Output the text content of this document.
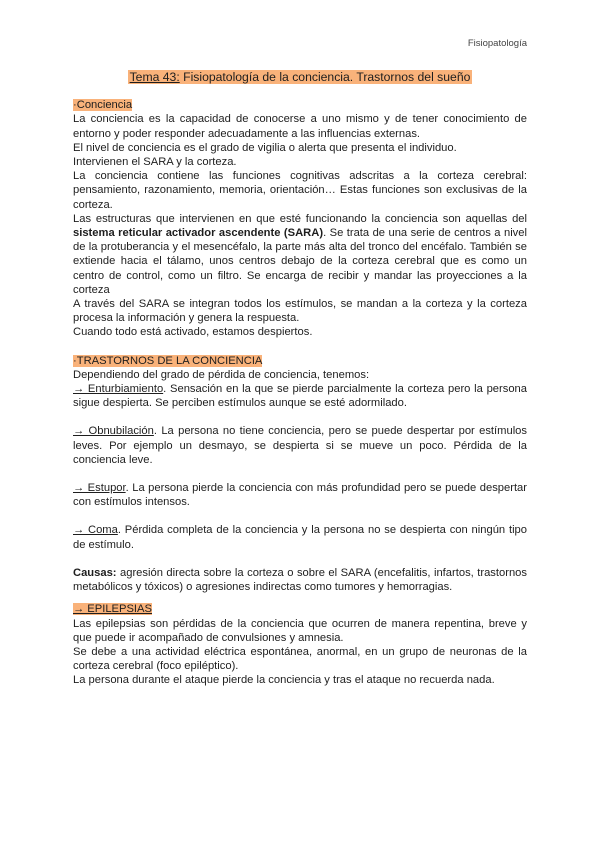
Fisiopatología
Tema 43: Fisiopatología de la conciencia. Trastornos del sueño

·Conciencia

La conciencia es la capacidad de conocerse a uno mismo y de tener conocimiento de entorno y poder responder adecuadamente a las influencias externas.

El nivel de conciencia es el grado de vigilia o alerta que presenta el individuo.

Intervienen el SARA y la corteza.

La conciencia contiene las funciones cognitivas adscritas a la corteza cerebral: pensamiento, razonamiento, memoria, orientación… Estas funciones son exclusivas de la corteza.

Las estructuras que intervienen en que esté funcionando la conciencia son aquellas del sistema reticular activador ascendente (SARA). Se trata de una serie de centros a nivel de la protuberancia y el mesencéfalo, la parte más alta del tronco del encéfalo. También se extiende hacia el tálamo, unos centros debajo de la corteza cerebral que es como un centro de control, como un filtro. Se encarga de recibir y mandar las proyecciones a la corteza

A través del SARA se integran todos los estímulos, se mandan a la corteza y la corteza procesa la información y genera la respuesta.

Cuando todo está activado, estamos despiertos.

·TRASTORNOS DE LA CONCIENCIA

Dependiendo del grado de pérdida de conciencia, tenemos:

→ Enturbiamiento. Sensación en la que se pierde parcialmente la corteza pero la persona sigue despierta. Se perciben estímulos aunque se esté adormilado.

→ Obnubilación. La persona no tiene conciencia, pero se puede despertar por estímulos leves. Por ejemplo un desmayo, se despierta si se mueve un poco. Pérdida de la conciencia leve.

→ Estupor. La persona pierde la conciencia con más profundidad pero se puede despertar con estímulos intensos.

→ Coma. Pérdida completa de la conciencia y la persona no se despierta con ningún tipo de estímulo.

Causas: agresión directa sobre la corteza o sobre el SARA (encefalitis, infartos, trastornos metabólicos y tóxicos) o agresiones indirectas como tumores y hemorragias.

→ EPILEPSIAS

Las epilepsias son pérdidas de la conciencia que ocurren de manera repentina, breve y que puede ir acompañado de convulsiones y amnesia.

Se debe a una actividad eléctrica espontánea, anormal, en un grupo de neuronas de la corteza cerebral (foco epiléptico).

La persona durante el ataque pierde la conciencia y tras el ataque no recuerda nada.
